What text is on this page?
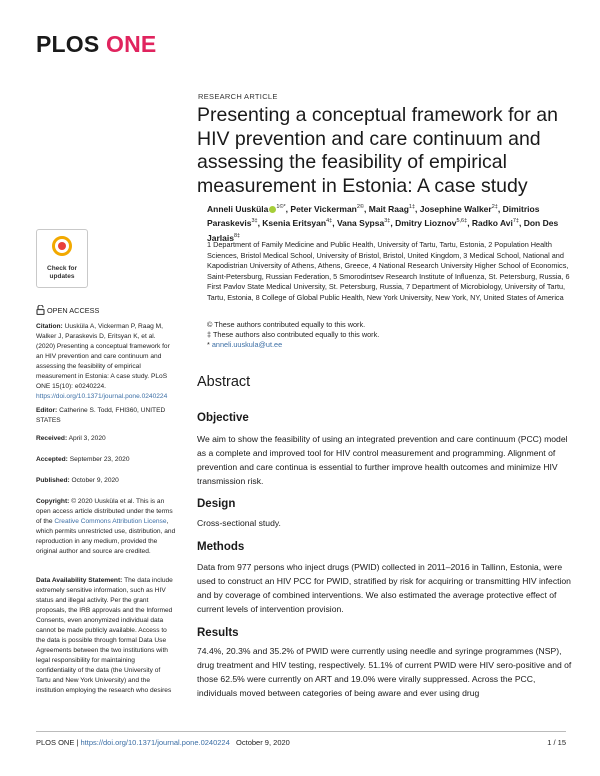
PLOS ONE
Check for
updates
OPEN ACCESS
Citation: Uusküla A, Vickerman P, Raag M, Walker J, Paraskevis D, Eritsyan K, et al. (2020) Presenting a conceptual framework for an HIV prevention and care continuum and assessing the feasibility of empirical measurement in Estonia: A case study. PLoS ONE 15(10): e0240224. https://doi.org/10.1371/journal.pone.0240224
Editor: Catherine S. Todd, FHI360, UNITED STATES
Received: April 3, 2020
Accepted: September 23, 2020
Published: October 9, 2020
Copyright: © 2020 Uusküla et al. This is an open access article distributed under the terms of the Creative Commons Attribution License, which permits unrestricted use, distribution, and reproduction in any medium, provided the original author and source are credited.
Data Availability Statement: The data include extremely sensitive information, such as HIV status and illegal activity. Per the grant proposals, the IRB approvals and the Informed Consents, even anonymized individual data cannot be made publicly available. Access to the data is possible through formal Data Use Agreements between the two institutions with legal responsibility for maintaining confidentiality of the data (the University of Tartu and New York University) and the institution employing the research who desires
RESEARCH ARTICLE
Presenting a conceptual framework for an HIV prevention and care continuum and assessing the feasibility of empirical measurement in Estonia: A case study

Anneli Uusküla $^{1©*}$, Peter Vickerman$^{2©}$, Mait Raag$^{1\ddagger}$, Josephine Walker$^{2\ddagger}$, Dimitrios Paraskevis$^{3\ddagger}$, Ksenia Eritsyan$^{4\ddagger}$, Vana Sypsa$^{3\ddagger}$, Dmitry Lioznov$^{5,6\ddagger}$, Radko Avi$^{7\ddagger}$, Don Des Jarlais$^{8\ddagger}$

1 Department of Family Medicine and Public Health, University of Tartu, Tartu, Estonia, 2 Population Health Sciences, Bristol Medical School, University of Bristol, Bristol, United Kingdom, 3 Medical School, National and Kapodistrian University of Athens, Athens, Greece, 4 National Research University Higher School of Economics, Saint-Petersburg, Russian Federation, 5 Smorodintsev Research Institute of Influenza, St. Petersburg, Russia, 6 First Pavlov State Medical University, St. Petersburg, Russia, 7 Department of Microbiology, University of Tartu, Tartu, Estonia, 8 College of Global Public Health, New York University, New York, NY, United States of America

© These authors contributed equally to this work.
‡ These authors also contributed equally to this work.
* anneli.uuskula@ut.ee
Abstract
Objective

We aim to show the feasibility of using an integrated prevention and care continuum (PCC) model as a complete and improved tool for HIV control measurement and programming. Alignment of prevention and care continua is essential to further improve health outcomes and minimize HIV transmission risk.

Design

Cross-sectional study.

Methods

Data from 977 persons who inject drugs (PWID) collected in 2011–2016 in Tallinn, Estonia, were used to construct an HIV PCC for PWID, stratified by risk for acquiring or transmitting HIV infection and by coverage of combined interventions. We also estimated the average protective effect of current levels of intervention provision.

Results

74.4%, 20.3% and 35.2% of PWID were currently using needle and syringe programmes (NSP), drug treatment and HIV testing, respectively. 51.1% of current PWID were HIV sero-positive and of those 62.5% were currently on ART and 19.0% were virally suppressed. Across the PCC, individuals moved between categories of being aware and ever using drug

PLOS ONE | https://doi.org/10.1371/journal.pone.0240224 October 9, 2020	1 / 15
